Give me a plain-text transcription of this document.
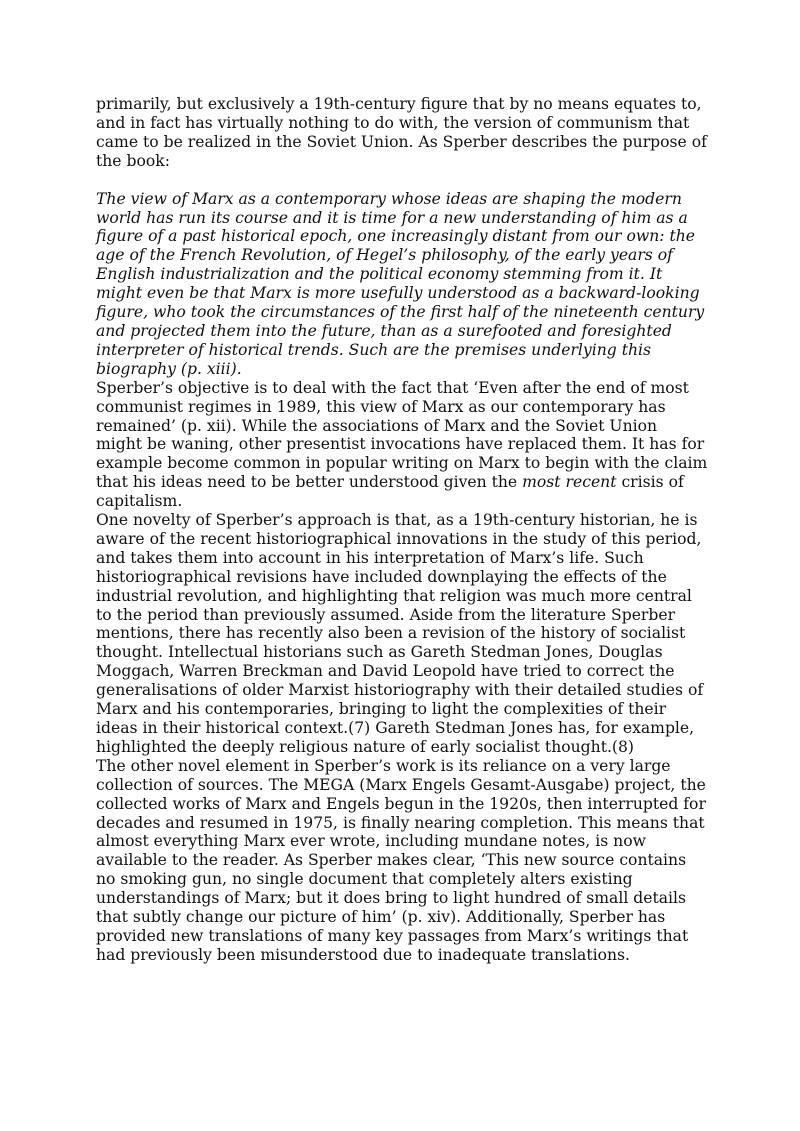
primarily, but exclusively a 19th-century figure that by no means equates to, and in fact has virtually nothing to do with, the version of communism that came to be realized in the Soviet Union. As Sperber describes the purpose of the book:

The view of Marx as a contemporary whose ideas are shaping the modern world has run its course and it is time for a new understanding of him as a figure of a past historical epoch, one increasingly distant from our own: the age of the French Revolution, of Hegel’s philosophy, of the early years of English industrialization and the political economy stemming from it. It might even be that Marx is more usefully understood as a backward-looking figure, who took the circumstances of the first half of the nineteenth century and projected them into the future, than as a surefooted and foresighted interpreter of historical trends. Such are the premises underlying this biography (p. xiii).

Sperber’s objective is to deal with the fact that ‘Even after the end of most communist regimes in 1989, this view of Marx as our contemporary has remained’ (p. xii). While the associations of Marx and the Soviet Union might be waning, other presentist invocations have replaced them. It has for example become common in popular writing on Marx to begin with the claim that his ideas need to be better understood given the most recent crisis of capitalism.

One novelty of Sperber’s approach is that, as a 19th-century historian, he is aware of the recent historiographical innovations in the study of this period, and takes them into account in his interpretation of Marx’s life. Such historiographical revisions have included downplaying the effects of the industrial revolution, and highlighting that religion was much more central to the period than previously assumed. Aside from the literature Sperber mentions, there has recently also been a revision of the history of socialist thought. Intellectual historians such as Gareth Stedman Jones, Douglas Moggach, Warren Breckman and David Leopold have tried to correct the generalisations of older Marxist historiography with their detailed studies of Marx and his contemporaries, bringing to light the complexities of their ideas in their historical context.(7) Gareth Stedman Jones has, for example, highlighted the deeply religious nature of early socialist thought.(8)

The other novel element in Sperber’s work is its reliance on a very large collection of sources. The MEGA (Marx Engels Gesamt-Ausgabe) project, the collected works of Marx and Engels begun in the 1920s, then interrupted for decades and resumed in 1975, is finally nearing completion. This means that almost everything Marx ever wrote, including mundane notes, is now available to the reader. As Sperber makes clear, ‘This new source contains no smoking gun, no single document that completely alters existing understandings of Marx; but it does bring to light hundred of small details that subtly change our picture of him’ (p. xiv). Additionally, Sperber has provided new translations of many key passages from Marx’s writings that had previously been misunderstood due to inadequate translations.
